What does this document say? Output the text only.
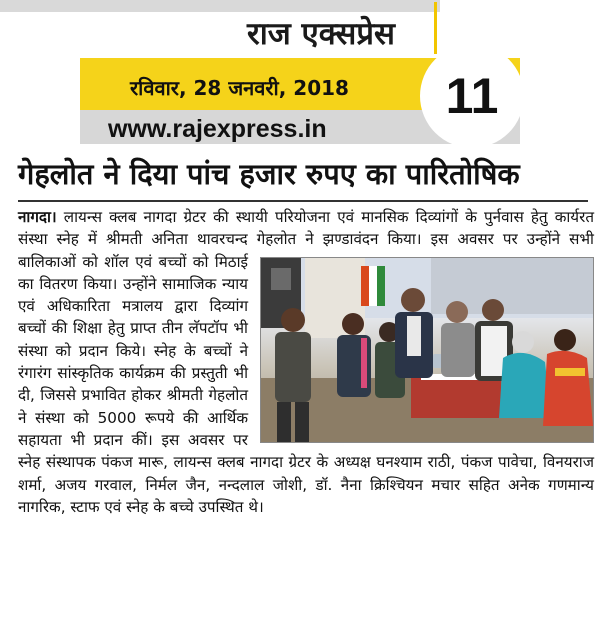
राज एक्सप्रेस
रविवार, 28 जनवरी, 2018
www.rajexpress.in
11
गेहलोत ने दिया पांच हजार रुपए का पारितोषिक
नागदा। लायन्स क्लब नागदा ग्रेटर की स्थायी परियोजना एवं मानसिक दिव्यांगों के पुर्नवास हेतु कार्यरत संस्था स्नेह में श्रीमती अनिता थावरचन्द गेहलोत ने झण्डावंदन
किया। इस अवसर पर उन्होंने सभी बालिकाओं को शॉल एवं बच्चों को मिठाई का वितरण किया। उन्होंने सामाजिक न्याय एवं अधिकारिता मत्रालय द्वारा दिव्यांग बच्चों की शिक्षा हेतु प्राप्त तीन लॅपटॉप भी संस्था को प्रदान किये। स्नेह के बच्चों ने रंगारंग सांस्कृतिक कार्यक्रम की प्रस्तुती भी दी, जिससे प्रभावित होकर श्रीमती गेहलोत ने संस्था को 5000 रूपये की आर्थिक सहायता भी प्रदान कीं। इस अवसर पर स्नेह संस्थापक पंकज मारू, लायन्स क्लब नागदा ग्रेटर के अध्यक्ष घनश्याम राठी, पंकज पावेचा, विनयराज शर्मा, अजय गरवाल, निर्मल जैन, नन्दलाल जोशी, डॉ. नैना क्रिश्चियन मचार सहित अनेक गणमान्य नागरिक, स्टाफ एवं स्नेह के बच्चे उपस्थित थे।
